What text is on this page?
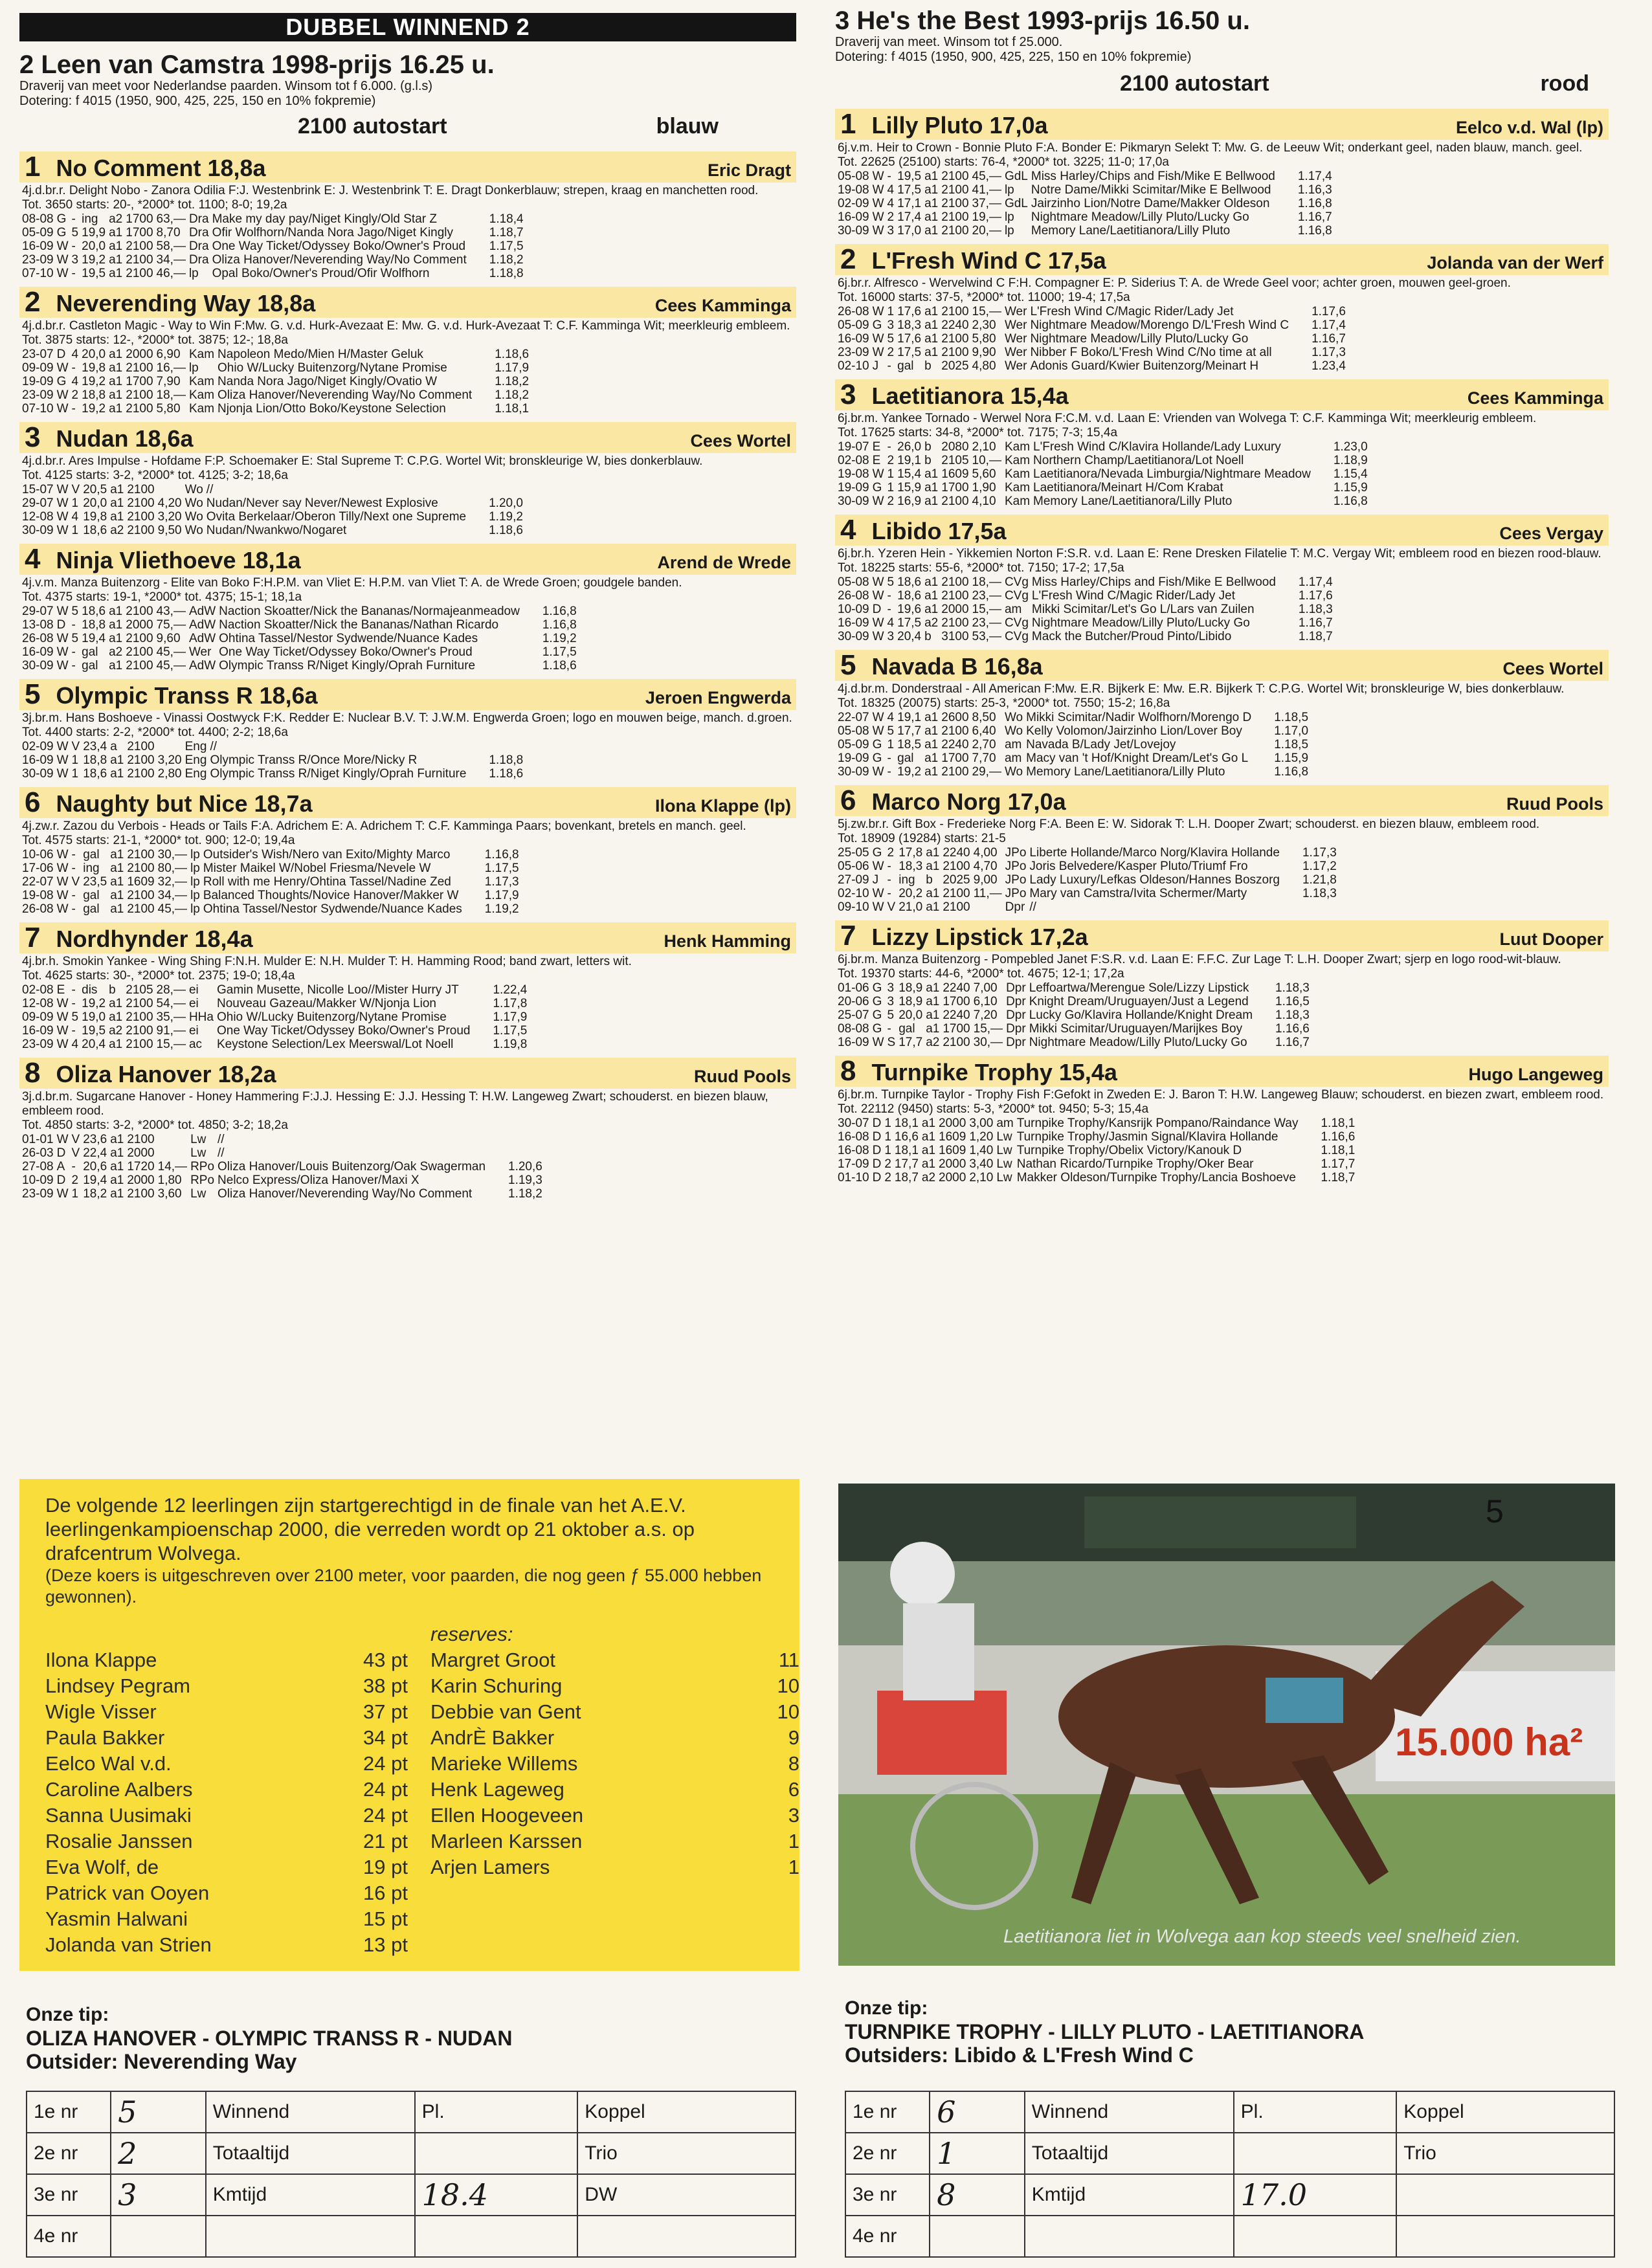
DUBBEL WINNEND 2
2 Leen van Camstra 1998-prijs 16.25 u.
Draverij van meet voor Nederlandse paarden. Winsom tot f 6.000. (g.l.s)
Dotering: f 4015 (1950, 900, 425, 225, 150 en 10% fokpremie)
2100 autostart	blauw
1 No Comment 18,8a	Eric Dragt
4j.d.br.r. Delight Nobo - Zanora Odilia F:J. Westenbrink E: J. Westenbrink T: E. Dragt Donkerblauw; strepen, kraag en manchetten rood.
Tot. 3650 starts: 20-, *2000* tot. 1100; 8-0; 19,2a
08-08	G	-	ing	a2	1700	63,—	Dra	Make my day pay/Niget Kingly/Old Star Z	1.18,4
05-09	G	5	19,9	a1	1700	8,70	Dra	Ofir Wolfhorn/Nanda Nora Jago/Niget Kingly	1.18,7
16-09	W	-	20,0	a1	2100	58,—	Dra	One Way Ticket/Odyssey Boko/Owner's Proud	1.17,5
23-09	W	3	19,2	a1	2100	34,—	Dra	Oliza Hanover/Neverending Way/No Comment	1.18,2
07-10	W	-	19,5	a1	2100	46,—	lp	Opal Boko/Owner's Proud/Ofir Wolfhorn	1.18,8
2 Neverending Way 18,8a	Cees Kamminga
4j.d.br.r. Castleton Magic - Way to Win F:Mw. G. v.d. Hurk-Avezaat E: Mw. G. v.d. Hurk-Avezaat T: C.F. Kamminga Wit; meerkleurig embleem.
Tot. 3875 starts: 12-, *2000* tot. 3875; 12-; 18,8a
23-07	D	4	20,0	a1	2000	6,90	Kam	Napoleon Medo/Mien H/Master Geluk	1.18,6
09-09	W	-	19,8	a1	2100	16,—	lp	Ohio W/Lucky Buitenzorg/Nytane Promise	1.17,9
19-09	G	4	19,2	a1	1700	7,90	Kam	Nanda Nora Jago/Niget Kingly/Ovatio W	1.18,2
23-09	W	2	18,8	a1	2100	18,—	Kam	Oliza Hanover/Neverending Way/No Comment	1.18,2
07-10	W	-	19,2	a1	2100	5,80	Kam	Njonja Lion/Otto Boko/Keystone Selection	1.18,1
3 Nudan 18,6a	Cees Wortel
4j.d.br.r. Ares Impulse - Hofdame F:P. Schoemaker E: Stal Supreme T: C.P.G. Wortel Wit; bronskleurige W, bies donkerblauw.
Tot. 4125 starts: 3-2, *2000* tot. 4125; 3-2; 18,6a
15-07	W	V	20,5	a1	2100		Wo	//	
29-07	W	1	20,0	a1	2100	4,20	Wo	Nudan/Never say Never/Newest Explosive	1.20,0
12-08	W	4	19,8	a1	2100	3,20	Wo	Ovita Berkelaar/Oberon Tilly/Next one Supreme	1.19,2
30-09	W	1	18,6	a2	2100	9,50	Wo	Nudan/Nwankwo/Nogaret	1.18,6
4 Ninja Vliethoeve 18,1a	Arend de Wrede
4j.v.m. Manza Buitenzorg - Elite van Boko F:H.P.M. van Vliet E: H.P.M. van Vliet T: A. de Wrede Groen; goudgele banden.
Tot. 4375 starts: 19-1, *2000* tot. 4375; 15-1; 18,1a
29-07	W	5	18,6	a1	2100	43,—	AdW	Naction Skoatter/Nick the Bananas/Normajeanmeadow	1.16,8
13-08	D	-	18,8	a1	2000	75,—	AdW	Naction Skoatter/Nick the Bananas/Nathan Ricardo	1.16,8
26-08	W	5	19,4	a1	2100	9,60	AdW	Ohtina Tassel/Nestor Sydwende/Nuance Kades	1.19,2
16-09	W	-	gal	a2	2100	45,—	Wer	One Way Ticket/Odyssey Boko/Owner's Proud	1.17,5
30-09	W	-	gal	a1	2100	45,—	AdW	Olympic Transs R/Niget Kingly/Oprah Furniture	1.18,6
5 Olympic Transs R 18,6a	Jeroen Engwerda
3j.br.m. Hans Boshoeve - Vinassi Oostwyck F:K. Redder E: Nuclear B.V. T: J.W.M. Engwerda Groen; logo en mouwen beige, manch. d.groen.
Tot. 4400 starts: 2-2, *2000* tot. 4400; 2-2; 18,6a
02-09	W	V	23,4	a	2100		Eng	//	
16-09	W	1	18,8	a1	2100	3,20	Eng	Olympic Transs R/Once More/Nicky R	1.18,8
30-09	W	1	18,6	a1	2100	2,80	Eng	Olympic Transs R/Niget Kingly/Oprah Furniture	1.18,6
6 Naughty but Nice 18,7a	Ilona Klappe (lp)
4j.zw.r. Zazou du Verbois - Heads or Tails F:A. Adrichem E: A. Adrichem T: C.F. Kamminga Paars; bovenkant, bretels en manch. geel.
Tot. 4575 starts: 21-1, *2000* tot. 900; 12-0; 19,4a
10-06	W	-	gal	a1	2100	30,—	lp	Outsider's Wish/Nero van Exito/Mighty Marco	1.16,8
17-06	W	-	ing	a1	2100	80,—	lp	Mister Maikel W/Nobel Friesma/Nevele W	1.17,5
22-07	W	V	23,5	a1	1609	32,—	lp	Roll with me Henry/Ohtina Tassel/Nadine Zed	1.17,3
19-08	W	-	gal	a1	2100	34,—	lp	Balanced Thoughts/Novice Hanover/Makker W	1.17,9
26-08	W	-	gal	a1	2100	45,—	lp	Ohtina Tassel/Nestor Sydwende/Nuance Kades	1.19,2
7 Nordhynder 18,4a	Henk Hamming
4j.br.h. Smokin Yankee - Wing Shing F:N.H. Mulder E: N.H. Mulder T: H. Hamming Rood; band zwart, letters wit.
Tot. 4625 starts: 30-, *2000* tot. 2375; 19-0; 18,4a
02-08	E	-	dis	b	2105	28,—	ei	Gamin Musette, Nicolle Loo//Mister Hurry JT	1.22,4
12-08	W	-	19,2	a1	2100	54,—	ei	Nouveau Gazeau/Makker W/Njonja Lion	1.17,8
09-09	W	5	19,0	a1	2100	35,—	HHa	Ohio W/Lucky Buitenzorg/Nytane Promise	1.17,9
16-09	W	-	19,5	a2	2100	91,—	ei	One Way Ticket/Odyssey Boko/Owner's Proud	1.17,5
23-09	W	4	20,4	a1	2100	15,—	ac	Keystone Selection/Lex Meerswal/Lot Noell	1.19,8
8 Oliza Hanover 18,2a	Ruud Pools
3j.d.br.m. Sugarcane Hanover - Honey Hammering F:J.J. Hessing E: J.J. Hessing T: H.W. Langeweg Zwart; schouderst. en biezen blauw, embleem rood.
Tot. 4850 starts: 3-2, *2000* tot. 4850; 3-2; 18,2a
01-01	W	V	23,6	a1	2100		Lw	//	
26-03	D	V	22,4	a1	2000		Lw	//	
27-08	A	-	20,6	a1	1720	14,—	RPo	Oliza Hanover/Louis Buitenzorg/Oak Swagerman	1.20,6
10-09	D	2	19,4	a1	2000	1,80	RPo	Nelco Express/Oliza Hanover/Maxi X	1.19,3
23-09	W	1	18,2	a1	2100	3,60	Lw	Oliza Hanover/Neverending Way/No Comment	1.18,2
3 He's the Best 1993-prijs 16.50 u.
Draverij van meet. Winsom tot f 25.000.
Dotering: f 4015 (1950, 900, 425, 225, 150 en 10% fokpremie)
2100 autostart	rood
1 Lilly Pluto 17,0a	Eelco v.d. Wal (lp)
6j.v.m. Heir to Crown - Bonnie Pluto F:A. Bonder E: Pikmaryn Selekt T: Mw. G. de Leeuw Wit; onderkant geel, naden blauw, manch. geel.
Tot. 22625 (25100) starts: 76-4, *2000* tot. 3225; 11-0; 17,0a
05-08	W	-	19,5	a1	2100	45,—	GdL	Miss Harley/Chips and Fish/Mike E Bellwood	1.17,4
19-08	W	4	17,5	a1	2100	41,—	lp	Notre Dame/Mikki Scimitar/Mike E Bellwood	1.16,3
02-09	W	4	17,1	a1	2100	37,—	GdL	Jairzinho Lion/Notre Dame/Makker Oldeson	1.16,8
16-09	W	2	17,4	a1	2100	19,—	lp	Nightmare Meadow/Lilly Pluto/Lucky Go	1.16,7
30-09	W	3	17,0	a1	2100	20,—	lp	Memory Lane/Laetitianora/Lilly Pluto	1.16,8
2 L'Fresh Wind C 17,5a	Jolanda van der Werf
6j.br.r. Alfresco - Wervelwind C F:H. Compagner E: P. Siderius T: A. de Wrede Geel voor; achter groen, mouwen geel-groen.
Tot. 16000 starts: 37-5, *2000* tot. 11000; 19-4; 17,5a
26-08	W	1	17,6	a1	2100	15,—	Wer	L'Fresh Wind C/Magic Rider/Lady Jet	1.17,6
05-09	G	3	18,3	a1	2240	2,30	Wer	Nightmare Meadow/Morengo D/L'Fresh Wind C	1.17,4
16-09	W	5	17,6	a1	2100	5,80	Wer	Nightmare Meadow/Lilly Pluto/Lucky Go	1.16,7
23-09	W	2	17,5	a1	2100	9,90	Wer	Nibber F Boko/L'Fresh Wind C/No time at all	1.17,3
02-10	J	-	gal	b	2025	4,80	Wer	Adonis Guard/Kwier Buitenzorg/Meinart H	1.23,4
3 Laetitianora 15,4a	Cees Kamminga
6j.br.m. Yankee Tornado - Werwel Nora F:C.M. v.d. Laan E: Vrienden van Wolvega T: C.F. Kamminga Wit; meerkleurig embleem.
Tot. 17625 starts: 34-8, *2000* tot. 7175; 7-3; 15,4a
19-07	E	-	26,0	b	2080	2,10	Kam	L'Fresh Wind C/Klavira Hollande/Lady Luxury	1.23,0
02-08	E	2	19,1	b	2105	10,—	Kam	Northern Champ/Laetitianora/Lot Noell	1.18,9
19-08	W	1	15,4	a1	1609	5,60	Kam	Laetitianora/Nevada Limburgia/Nightmare Meadow	1.15,4
19-09	G	1	15,9	a1	1700	1,90	Kam	Laetitianora/Meinart H/Com Krabat	1.15,9
30-09	W	2	16,9	a1	2100	4,10	Kam	Memory Lane/Laetitianora/Lilly Pluto	1.16,8
4 Libido 17,5a	Cees Vergay
6j.br.h. Yzeren Hein - Yikkemien Norton F:S.R. v.d. Laan E: Rene Dresken Filatelie T: M.C. Vergay Wit; embleem rood en biezen rood-blauw.
Tot. 18225 starts: 55-6, *2000* tot. 7150; 17-2; 17,5a
05-08	W	5	18,6	a1	2100	18,—	CVg	Miss Harley/Chips and Fish/Mike E Bellwood	1.17,4
26-08	W	-	18,6	a1	2100	23,—	CVg	L'Fresh Wind C/Magic Rider/Lady Jet	1.17,6
10-09	D	-	19,6	a1	2000	15,—	am	Mikki Scimitar/Let's Go L/Lars van Zuilen	1.18,3
16-09	W	4	17,5	a2	2100	23,—	CVg	Nightmare Meadow/Lilly Pluto/Lucky Go	1.16,7
30-09	W	3	20,4	b	3100	53,—	CVg	Mack the Butcher/Proud Pinto/Libido	1.18,7
5 Navada B 16,8a	Cees Wortel
4j.d.br.m. Donderstraal - All American F:Mw. E.R. Bijkerk E: Mw. E.R. Bijkerk T: C.P.G. Wortel Wit; bronskleurige W, bies donkerblauw.
Tot. 18325 (20075) starts: 25-3, *2000* tot. 7550; 15-2; 16,8a
22-07	W	4	19,1	a1	2600	8,50	Wo	Mikki Scimitar/Nadir Wolfhorn/Morengo D	1.18,5
05-08	W	5	17,7	a1	2100	6,40	Wo	Kelly Volomon/Jairzinho Lion/Lover Boy	1.17,0
05-09	G	1	18,5	a1	2240	2,70	am	Navada B/Lady Jet/Lovejoy	1.18,5
19-09	G	-	gal	a1	1700	7,70	am	Macy van 't Hof/Knight Dream/Let's Go L	1.15,9
30-09	W	-	19,2	a1	2100	29,—	Wo	Memory Lane/Laetitianora/Lilly Pluto	1.16,8
6 Marco Norg 17,0a	Ruud Pools
5j.zw.br.r. Gift Box - Frederieke Norg F:A. Been E: W. Sidorak T: L.H. Dooper Zwart; schouderst. en biezen blauw, embleem rood.
Tot. 18909 (19284) starts: 21-5
25-05	G	2	17,8	a1	2240	4,00	JPo	Liberte Hollande/Marco Norg/Klavira Hollande	1.17,3
05-06	W	-	18,3	a1	2100	4,70	JPo	Joris Belvedere/Kasper Pluto/Triumf Fro	1.17,2
27-09	J	-	ing	b	2025	9,00	JPo	Lady Luxury/Lefkas Oldeson/Hannes Boszorg	1.21,8
02-10	W	-	20,2	a1	2100	11,—	JPo	Mary van Camstra/Ivita Schermer/Marty	1.18,3
09-10	W	V	21,0	a1	2100		Dpr	//	
7 Lizzy Lipstick 17,2a	Luut Dooper
6j.br.m. Manza Buitenzorg - Pompebled Janet F:S.R. v.d. Laan E: F.F.C. Zur Lage T: L.H. Dooper Zwart; sjerp en logo rood-wit-blauw.
Tot. 19370 starts: 44-6, *2000* tot. 4675; 12-1; 17,2a
01-06	G	3	18,9	a1	2240	7,00	Dpr	Leffoartwa/Merengue Sole/Lizzy Lipstick	1.18,3
20-06	G	3	18,9	a1	1700	6,10	Dpr	Knight Dream/Uruguayen/Just a Legend	1.16,5
25-07	G	5	20,0	a1	2240	7,20	Dpr	Lucky Go/Klavira Hollande/Knight Dream	1.18,3
08-08	G	-	gal	a1	1700	15,—	Dpr	Mikki Scimitar/Uruguayen/Marijkes Boy	1.16,6
16-09	W	S	17,7	a2	2100	30,—	Dpr	Nightmare Meadow/Lilly Pluto/Lucky Go	1.16,7
8 Turnpike Trophy 15,4a	Hugo Langeweg
6j.br.m. Turnpike Taylor - Trophy Fish F:Gefokt in Zweden E: J. Baron T: H.W. Langeweg Blauw; schouderst. en biezen zwart, embleem rood.
Tot. 22112 (9450) starts: 5-3, *2000* tot. 9450; 5-3; 15,4a
30-07	D	1	18,1	a1	2000	3,00	am	Turnpike Trophy/Kansrijk Pompano/Raindance Way	1.18,1
16-08	D	1	16,6	a1	1609	1,20	Lw	Turnpike Trophy/Jasmin Signal/Klavira Hollande	1.16,6
16-08	D	1	18,1	a1	1609	1,40	Lw	Turnpike Trophy/Obelix Victory/Kanouk D	1.18,1
17-09	D	2	17,7	a1	2000	3,40	Lw	Nathan Ricardo/Turnpike Trophy/Oker Bear	1.17,7
01-10	D	2	18,7	a2	2000	2,10	Lw	Makker Oldeson/Turnpike Trophy/Lancia Boshoeve	1.18,7
De volgende 12 leerlingen zijn startgerechtigd in de finale van het A.E.V. leerlingenkampioenschap 2000, die verreden wordt op 21 oktober a.s. op drafcentrum Wolvega.
(Deze koers is uitgeschreven over 2100 meter, voor paarden, die nog geen ƒ 55.000 hebben gewonnen).
Ilona Klappe	43 pt
Lindsey Pegram	38 pt
Wigle Visser	37 pt
Paula Bakker	34 pt
Eelco Wal v.d.	24 pt
Caroline Aalbers	24 pt
Sanna Uusimaki	24 pt
Rosalie Janssen	21 pt
Eva Wolf, de	19 pt
Patrick van Ooyen	16 pt
Yasmin Halwani	15 pt
Jolanda van Strien	13 pt
reserves:
Margret Groot	11
Karin Schuring	10
Debbie van Gent	10
AndrÈ Bakker	9
Marieke Willems	8
Henk Lageweg	6
Ellen Hoogeveen	3
Marleen Karssen	1
Arjen Lamers	1
15.000 ha²
5
Laetitianora liet in Wolvega aan kop steeds veel snelheid zien.
Onze tip:
OLIZA HANOVER - OLYMPIC TRANSS R - NUDAN
Outsider: Neverending Way
1e nr	5	Winnend	Pl.	Koppel
2e nr	2	Totaaltijd		Trio
3e nr	3	Kmtijd	18.4	DW
4e nr				
Onze tip:
TURNPIKE TROPHY - LILLY PLUTO - LAETITIANORA
Outsiders: Libido & L'Fresh Wind C
1e nr	6	Winnend	Pl.	Koppel
2e nr	1	Totaaltijd		Trio
3e nr	8	Kmtijd	17.0	
4e nr				
